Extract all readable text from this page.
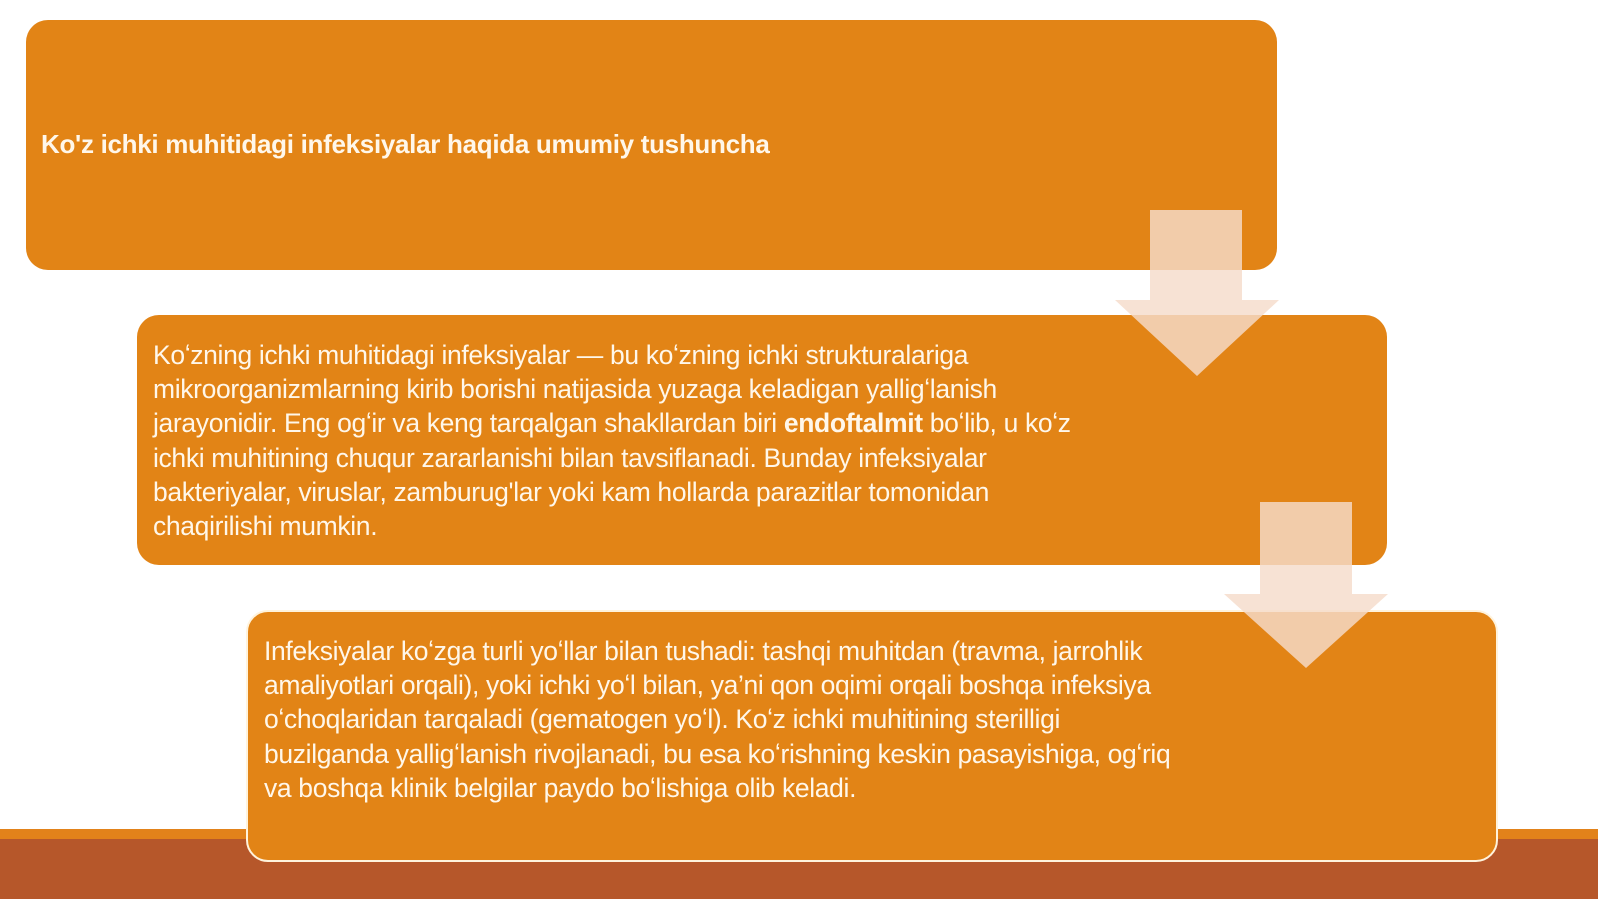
Ko'z ichki muhitidagi infeksiyalar haqida umumiy tushuncha
Koʻzning ichki muhitidagi infeksiyalar — bu koʻzning ichki strukturalariga mikroorganizmlarning kirib borishi natijasida yuzaga keladigan yalligʻlanish jarayonidir. Eng ogʻir va keng tarqalgan shakllardan biri endoftalmit boʻlib, u koʻz ichki muhitining chuqur zararlanishi bilan tavsiflanadi. Bunday infeksiyalar bakteriyalar, viruslar, zamburug'lar yoki kam hollarda parazitlar tomonidan chaqirilishi mumkin.
Infeksiyalar koʻzga turli yoʻllar bilan tushadi: tashqi muhitdan (travma, jarrohlik amaliyotlari orqali), yoki ichki yoʻl bilan, ya’ni qon oqimi orqali boshqa infeksiya oʻchoqlaridan tarqaladi (gematogen yoʻl). Koʻz ichki muhitining sterilligi buzilganda yalligʻlanish rivojlanadi, bu esa koʻrishning keskin pasayishiga, ogʻriq va boshqa klinik belgilar paydo boʻlishiga olib keladi.
